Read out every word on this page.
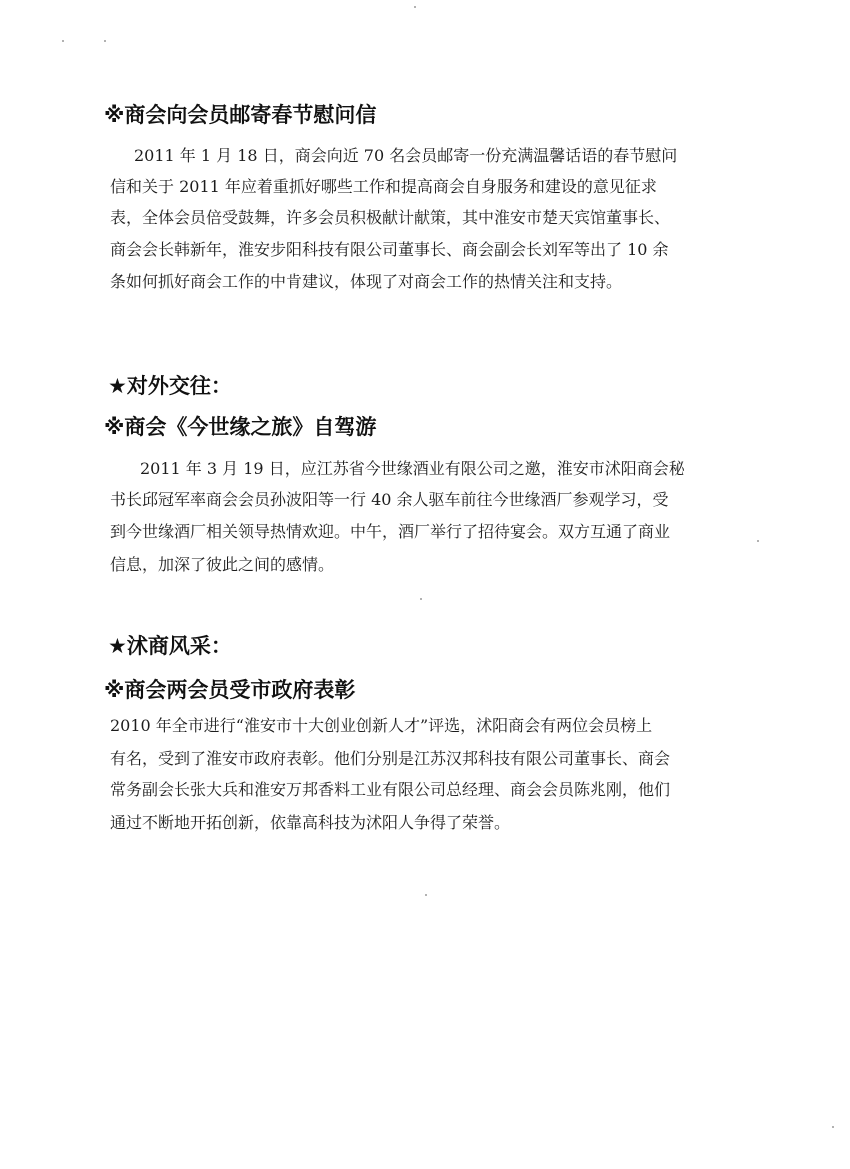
※商会向会员邮寄春节慰问信
2011 年 1 月 18 日，商会向近 70 名会员邮寄一份充满温馨话语的春节慰问
信和关于 2011 年应着重抓好哪些工作和提高商会自身服务和建设的意见征求
表，全体会员倍受鼓舞，许多会员积极献计献策，其中淮安市楚天宾馆董事长、
商会会长韩新年，淮安步阳科技有限公司董事长、商会副会长刘军等出了 10 余
条如何抓好商会工作的中肯建议，体现了对商会工作的热情关注和支持。
★对外交往：
※商会《今世缘之旅》自驾游
2011 年 3 月 19 日，应江苏省今世缘酒业有限公司之邀，淮安市沭阳商会秘
书长邱冠军率商会会员孙波阳等一行 40 余人驱车前往今世缘酒厂参观学习，受
到今世缘酒厂相关领导热情欢迎。中午，酒厂举行了招待宴会。双方互通了商业
信息，加深了彼此之间的感情。
★沭商风采：
※商会两会员受市政府表彰
2010 年全市进行“淮安市十大创业创新人才”评选，沭阳商会有两位会员榜上
有名，受到了淮安市政府表彰。他们分别是江苏汉邦科技有限公司董事长、商会
常务副会长张大兵和淮安万邦香料工业有限公司总经理、商会会员陈兆刚，他们
通过不断地开拓创新，依靠高科技为沭阳人争得了荣誉。
